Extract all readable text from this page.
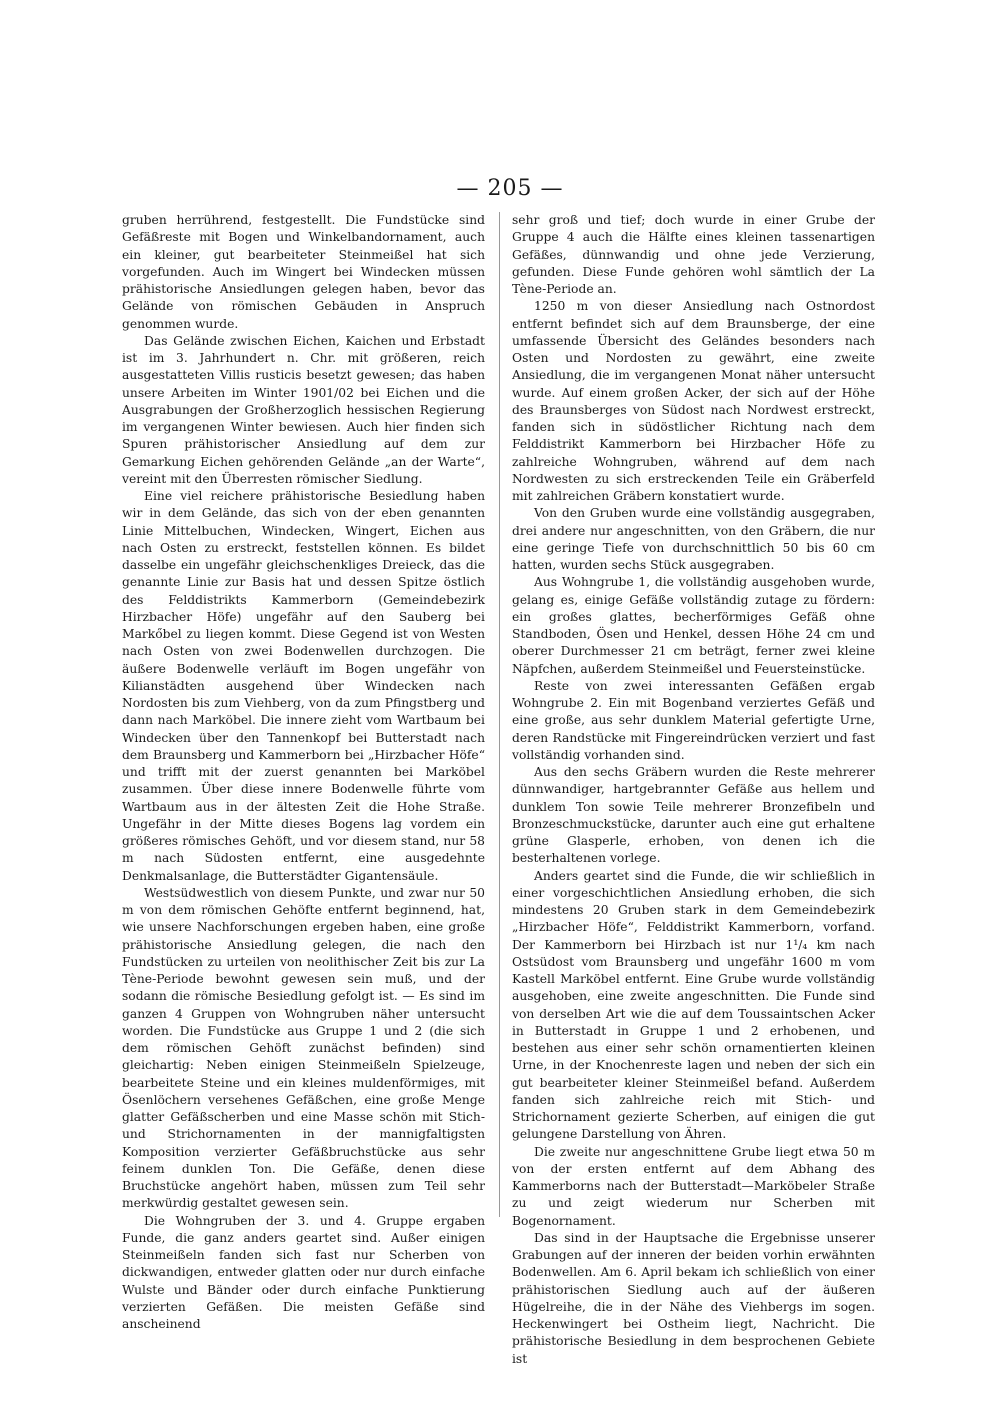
— 205 —

gruben herrührend, festgestellt. Die Fundstücke sind Gefäßreste mit Bogen und Winkelbandornament, auch ein kleiner, gut bearbeiteter Steinmeißel hat sich vorgefunden. Auch im Wingert bei Windecken müssen prähistorische Ansiedlungen gelegen haben, bevor das Gelände von römischen Gebäuden in Anspruch genommen wurde.

Das Gelände zwischen Eichen, Kaichen und Erbstadt ist im 3. Jahrhundert n. Chr. mit größeren, reich ausgestatteten Villis rusticis besetzt gewesen; das haben unsere Arbeiten im Winter 1901/02 bei Eichen und die Ausgrabungen der Großherzoglich hessischen Regierung im vergangenen Winter bewiesen. Auch hier finden sich Spuren prähistorischer Ansiedlung auf dem zur Gemarkung Eichen gehörenden Gelände „an der Warte“, vereint mit den Überresten römischer Siedlung.

Eine viel reichere prähistorische Besiedlung haben wir in dem Gelände, das sich von der eben genannten Linie Mittelbuchen, Windecken, Wingert, Eichen aus nach Osten zu erstreckt, feststellen können. Es bildet dasselbe ein ungefähr gleichschenkliges Dreieck, das die genannte Linie zur Basis hat und dessen Spitze östlich des Felddistrikts Kammerborn (Gemeindebezirk Hirzbacher Höfe) ungefähr auf den Sauberg bei Markőbel zu liegen kommt. Diese Gegend ist von Westen nach Osten von zwei Bodenwellen durchzogen. Die äußere Bodenwelle verläuft im Bogen ungefähr von Kilianstädten ausgehend über Windecken nach Nordosten bis zum Viehberg, von da zum Pfingstberg und dann nach Marköbel. Die innere zieht vom Wartbaum bei Windecken über den Tannenkopf bei Butterstadt nach dem Braunsberg und Kammerborn bei „Hirzbacher Höfe“ und trifft mit der zuerst genannten bei Marköbel zusammen. Über diese innere Bodenwelle führte vom Wartbaum aus in der ältesten Zeit die Hohe Straße. Ungefähr in der Mitte dieses Bogens lag vordem ein größeres römisches Gehöft, und vor diesem stand, nur 58 m nach Südosten entfernt, eine ausgedehnte Denkmalsanlage, die Butterstädter Gigantensäule.

Westsüdwestlich von diesem Punkte, und zwar nur 50 m von dem römischen Gehöfte entfernt beginnend, hat, wie unsere Nachforschungen ergeben haben, eine große prähistorische Ansiedlung gelegen, die nach den Fundstücken zu urteilen von neolithischer Zeit bis zur La Tène-Periode bewohnt gewesen sein muß, und der sodann die römische Besiedlung gefolgt ist. — Es sind im ganzen 4 Gruppen von Wohngruben näher untersucht worden. Die Fundstücke aus Gruppe 1 und 2 (die sich dem römischen Gehöft zunächst befinden) sind gleichartig: Neben einigen Steinmeißeln Spielzeuge, bearbeitete Steine und ein kleines muldenförmiges, mit Ösenlöchern versehenes Gefäßchen, eine große Menge glatter Gefäßscherben und eine Masse schön mit Stich- und Strichornamenten in der mannigfaltigsten Komposition verzierter Gefäßbruchstücke aus sehr feinem dunklen Ton. Die Gefäße, denen diese Bruchstücke angehört haben, müssen zum Teil sehr merkwürdig gestaltet gewesen sein.

Die Wohngruben der 3. und 4. Gruppe ergaben Funde, die ganz anders geartet sind. Außer einigen Steinmeißeln fanden sich fast nur Scherben von dickwandigen, entweder glatten oder nur durch einfache Wulste und Bänder oder durch einfache Punktierung verzierten Gefäßen. Die meisten Gefäße sind anscheinend

sehr groß und tief; doch wurde in einer Grube der Gruppe 4 auch die Hälfte eines kleinen tassenartigen Gefäßes, dünnwandig und ohne jede Verzierung, gefunden. Diese Funde gehören wohl sämtlich der La Tène-Periode an.

1250 m von dieser Ansiedlung nach Ostnordost entfernt befindet sich auf dem Braunsberge, der eine umfassende Übersicht des Geländes besonders nach Osten und Nordosten zu gewährt, eine zweite Ansiedlung, die im vergangenen Monat näher untersucht wurde. Auf einem großen Acker, der sich auf der Höhe des Braunsberges von Südost nach Nordwest erstreckt, fanden sich in südöstlicher Richtung nach dem Felddistrikt Kammerborn bei Hirzbacher Höfe zu zahlreiche Wohngruben, während auf dem nach Nordwesten zu sich erstreckenden Teile ein Gräberfeld mit zahlreichen Gräbern konstatiert wurde.

Von den Gruben wurde eine vollständig ausgegraben, drei andere nur angeschnitten, von den Gräbern, die nur eine geringe Tiefe von durchschnittlich 50 bis 60 cm hatten, wurden sechs Stück ausgegraben.

Aus Wohngrube 1, die vollständig ausgehoben wurde, gelang es, einige Gefäße vollständig zutage zu fördern: ein großes glattes, becherförmiges Gefäß ohne Standboden, Ösen und Henkel, dessen Höhe 24 cm und oberer Durchmesser 21 cm beträgt, ferner zwei kleine Näpfchen, außerdem Steinmeißel und Feuersteinstücke.

Reste von zwei interessanten Gefäßen ergab Wohngrube 2. Ein mit Bogenband verziertes Gefäß und eine große, aus sehr dunklem Material gefertigte Urne, deren Randstücke mit Fingereindrücken verziert und fast vollständig vorhanden sind.

Aus den sechs Gräbern wurden die Reste mehrerer dünnwandiger, hartgebrannter Gefäße aus hellem und dunklem Ton sowie Teile mehrerer Bronzefibeln und Bronzeschmuckstücke, darunter auch eine gut erhaltene grüne Glasperle, erhoben, von denen ich die besterhaltenen vorlege.

Anders geartet sind die Funde, die wir schließlich in einer vorgeschichtlichen Ansiedlung erhoben, die sich mindestens 20 Gruben stark in dem Gemeindebezirk „Hirzbacher Höfe“, Felddistrikt Kammerborn, vorfand. Der Kammerborn bei Hirzbach ist nur 1¹/₄ km nach Ostsüdost vom Braunsberg und ungefähr 1600 m vom Kastell Marköbel entfernt. Eine Grube wurde vollständig ausgehoben, eine zweite angeschnitten. Die Funde sind von derselben Art wie die auf dem Toussaintschen Acker in Butterstadt in Gruppe 1 und 2 erhobenen, und bestehen aus einer sehr schön ornamentierten kleinen Urne, in der Knochenreste lagen und neben der sich ein gut bearbeiteter kleiner Steinmeißel befand. Außerdem fanden sich zahlreiche reich mit Stich- und Strichornament gezierte Scherben, auf einigen die gut gelungene Darstellung von Ähren.

Die zweite nur angeschnittene Grube liegt etwa 50 m von der ersten entfernt auf dem Abhang des Kammerborns nach der Butterstadt—Marköbeler Straße zu und zeigt wiederum nur Scherben mit Bogenornament.

Das sind in der Hauptsache die Ergebnisse unserer Grabungen auf der inneren der beiden vorhin erwähnten Bodenwellen. Am 6. April bekam ich schließlich von einer prähistorischen Siedlung auch auf der äußeren Hügelreihe, die in der Nähe des Viehbergs im sogen. Heckenwingert bei Ostheim liegt, Nachricht. Die prähistorische Besiedlung in dem besprochenen Gebiete ist
